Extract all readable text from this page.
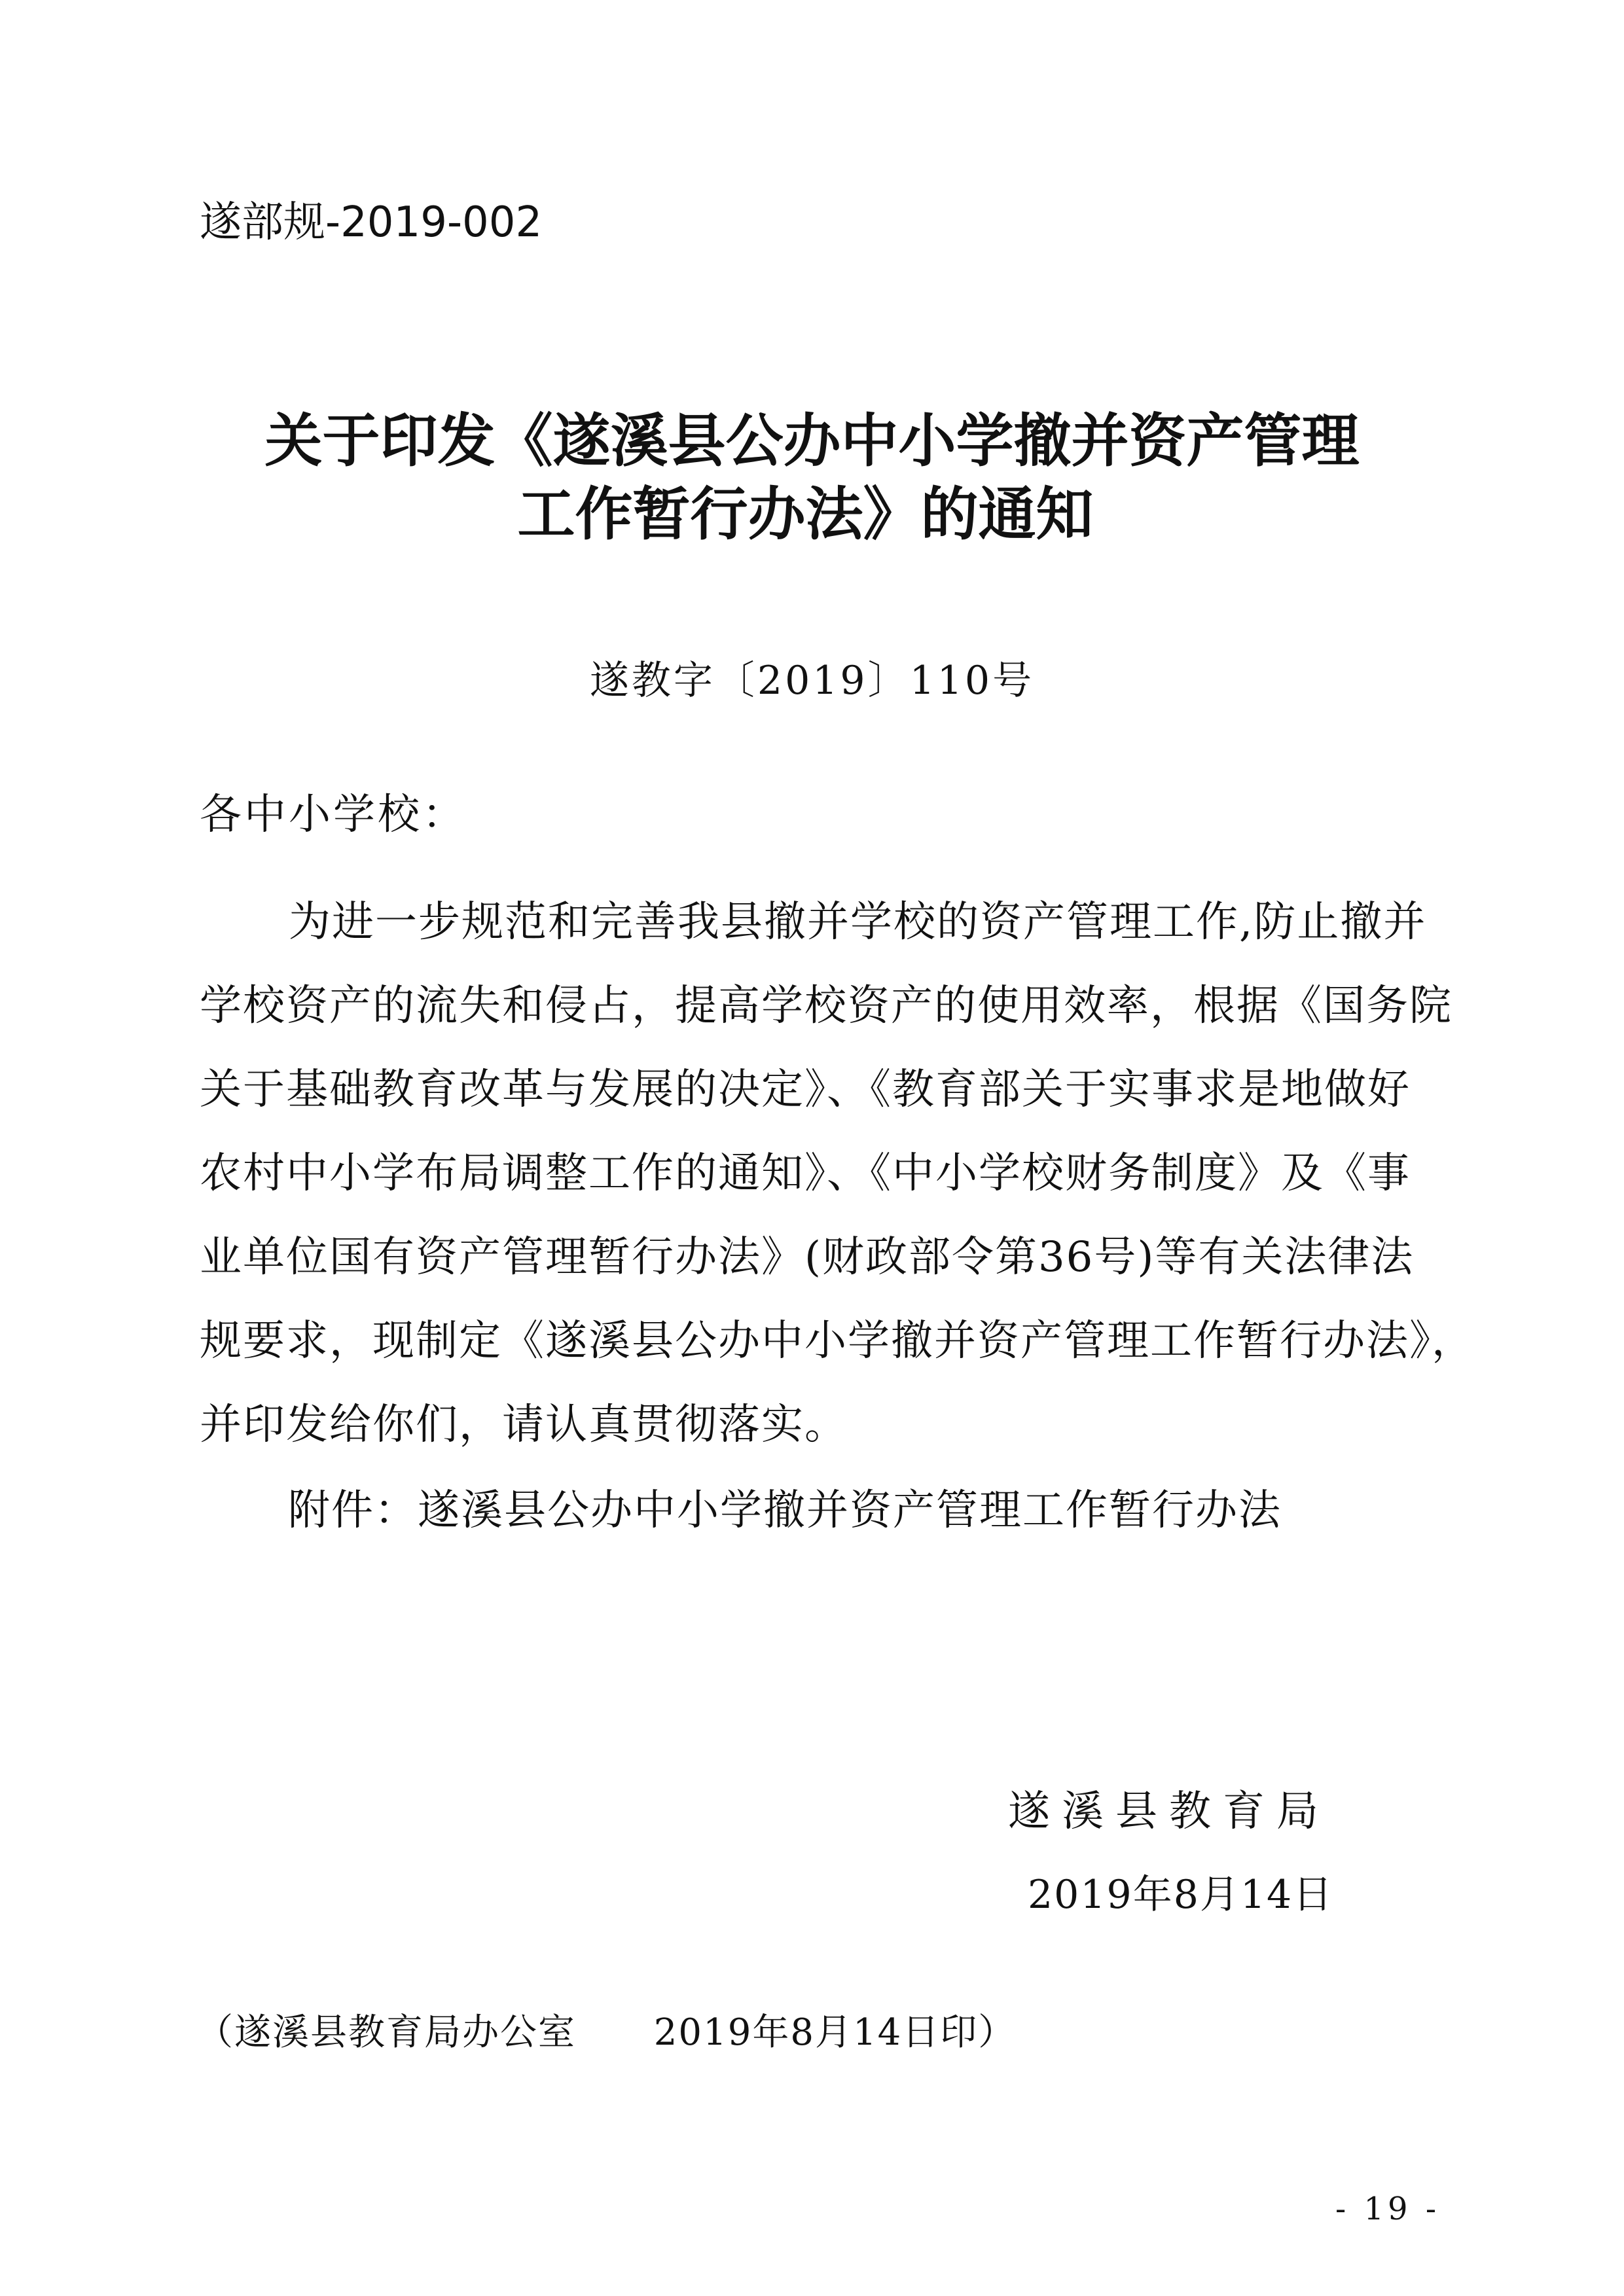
遂部规-2019-002
关于印发《遂溪县公办中小学撤并资产管理
工作暂行办法》的通知
遂教字〔2019〕110号
各中小学校：
为进一步规范和完善我县撤并学校的资产管理工作,防止撤并
学校资产的流失和侵占，提高学校资产的使用效率，根据《国务院
关于基础教育改革与发展的决定》、《教育部关于实事求是地做好
农村中小学布局调整工作的通知》、《中小学校财务制度》及《事
业单位国有资产管理暂行办法》(财政部令第36号)等有关法律法
规要求，现制定《遂溪县公办中小学撤并资产管理工作暂行办法》，
并印发给你们，请认真贯彻落实。
附件：遂溪县公办中小学撤并资产管理工作暂行办法
遂溪县教育局
2019年8月14日
（遂溪县教育局办公室      2019年8月14日印）
- 19 -
